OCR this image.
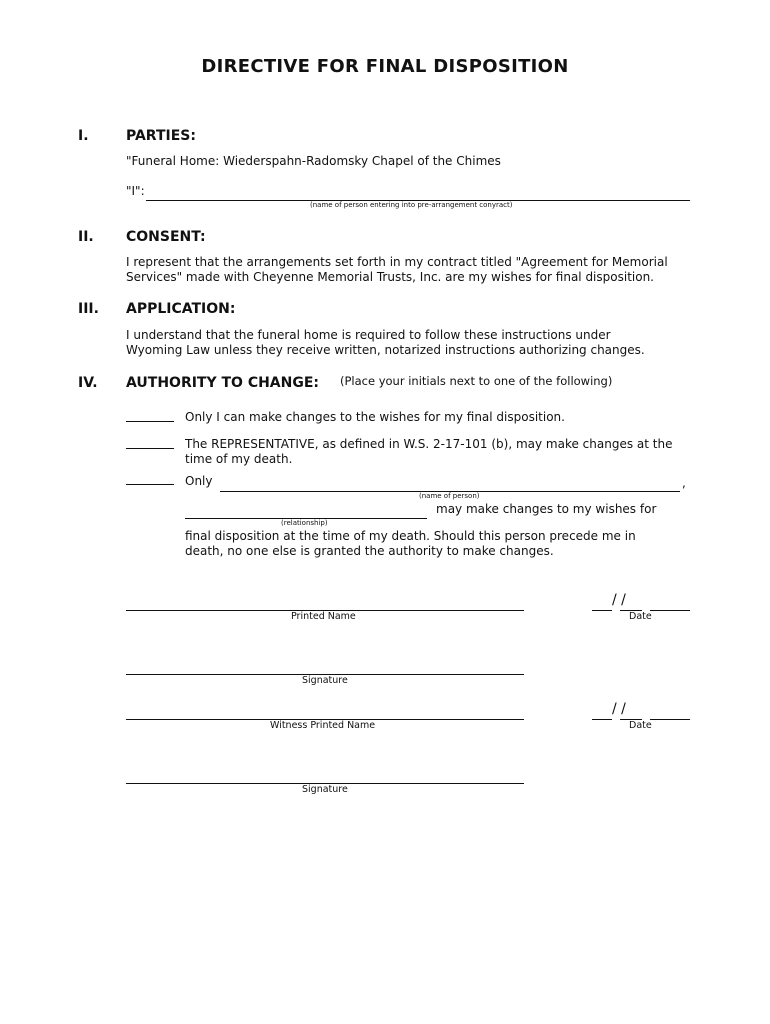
DIRECTIVE FOR FINAL DISPOSITION
I.	PARTIES:
"Funeral Home: Wiederspahn-Radomsky Chapel of the Chimes
"I":
(name of person entering into pre-arrangement conyract)
II. CONSENT:
I represent that the arrangements set forth in my contract titled "Agreement for Memorial
Services" made with Cheyenne Memorial Trusts, Inc. are my wishes for final disposition.
III. APPLICATION:
I understand that the funeral home is required to follow these instructions under
Wyoming Law unless they receive written, notarized instructions authorizing changes.
IV. AUTHORITY TO CHANGE: (Place your initials next to one of the following)
Only I can make changes to the wishes for my final disposition.
The REPRESENTATIVE, as defined in W.S. 2-17-101 (b), may make changes at the
time of my death.
Only	,
(name of person)
may make changes to my wishes for
(relationship)
final disposition at the time of my death. Should this person precede me in
death, no one else is granted the authority to make changes.
Printed Name
/ /
Date
Signature
Witness Printed Name
/ /
Date
Signature
